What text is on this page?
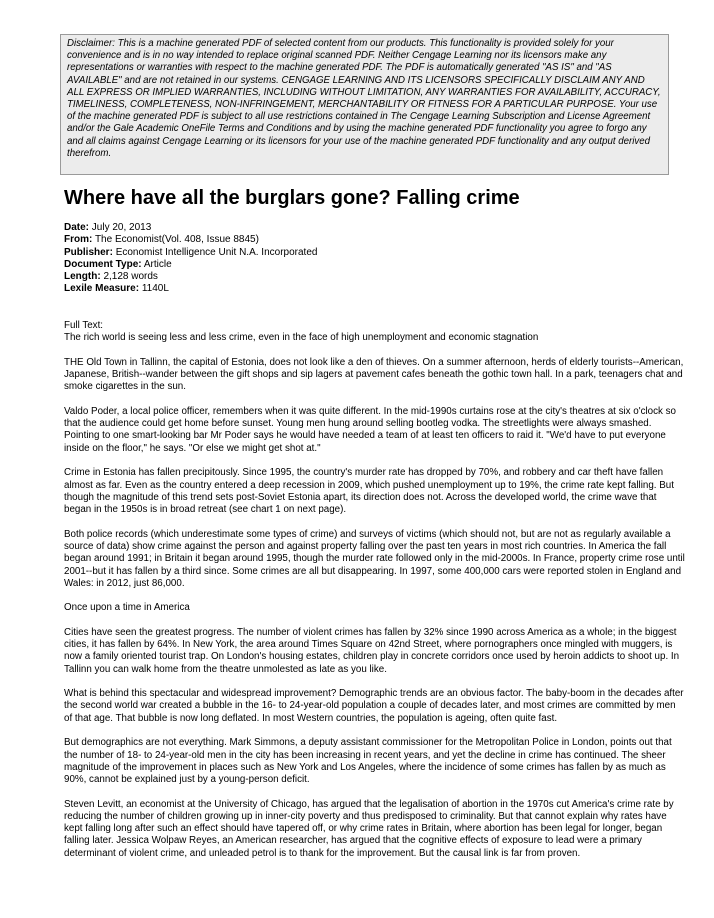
Disclaimer: This is a machine generated PDF of selected content from our products. This functionality is provided solely for your convenience and is in no way intended to replace original scanned PDF. Neither Cengage Learning nor its licensors make any representations or warranties with respect to the machine generated PDF. The PDF is automatically generated "AS IS" and "AS AVAILABLE" and are not retained in our systems. CENGAGE LEARNING AND ITS LICENSORS SPECIFICALLY DISCLAIM ANY AND ALL EXPRESS OR IMPLIED WARRANTIES, INCLUDING WITHOUT LIMITATION, ANY WARRANTIES FOR AVAILABILITY, ACCURACY, TIMELINESS, COMPLETENESS, NON-INFRINGEMENT, MERCHANTABILITY OR FITNESS FOR A PARTICULAR PURPOSE. Your use of the machine generated PDF is subject to all use restrictions contained in The Cengage Learning Subscription and License Agreement and/or the Gale Academic OneFile Terms and Conditions and by using the machine generated PDF functionality you agree to forgo any and all claims against Cengage Learning or its licensors for your use of the machine generated PDF functionality and any output derived therefrom.
Where have all the burglars gone? Falling crime
Date: July 20, 2013
From: The Economist(Vol. 408, Issue 8845)
Publisher: Economist Intelligence Unit N.A. Incorporated
Document Type: Article
Length: 2,128 words
Lexile Measure: 1140L
Full Text:
The rich world is seeing less and less crime, even in the face of high unemployment and economic stagnation
THE Old Town in Tallinn, the capital of Estonia, does not look like a den of thieves. On a summer afternoon, herds of elderly tourists--American, Japanese, British--wander between the gift shops and sip lagers at pavement cafes beneath the gothic town hall. In a park, teenagers chat and smoke cigarettes in the sun.
Valdo Poder, a local police officer, remembers when it was quite different. In the mid-1990s curtains rose at the city's theatres at six o'clock so that the audience could get home before sunset. Young men hung around selling bootleg vodka. The streetlights were always smashed. Pointing to one smart-looking bar Mr Poder says he would have needed a team of at least ten officers to raid it. "We'd have to put everyone inside on the floor," he says. "Or else we might get shot at."
Crime in Estonia has fallen precipitously. Since 1995, the country's murder rate has dropped by 70%, and robbery and car theft have fallen almost as far. Even as the country entered a deep recession in 2009, which pushed unemployment up to 19%, the crime rate kept falling. But though the magnitude of this trend sets post-Soviet Estonia apart, its direction does not. Across the developed world, the crime wave that began in the 1950s is in broad retreat (see chart 1 on next page).
Both police records (which underestimate some types of crime) and surveys of victims (which should not, but are not as regularly available a source of data) show crime against the person and against property falling over the past ten years in most rich countries. In America the fall began around 1991; in Britain it began around 1995, though the murder rate followed only in the mid-2000s. In France, property crime rose until 2001--but it has fallen by a third since. Some crimes are all but disappearing. In 1997, some 400,000 cars were reported stolen in England and Wales: in 2012, just 86,000.
Once upon a time in America
Cities have seen the greatest progress. The number of violent crimes has fallen by 32% since 1990 across America as a whole; in the biggest cities, it has fallen by 64%. In New York, the area around Times Square on 42nd Street, where pornographers once mingled with muggers, is now a family oriented tourist trap. On London's housing estates, children play in concrete corridors once used by heroin addicts to shoot up. In Tallinn you can walk home from the theatre unmolested as late as you like.
What is behind this spectacular and widespread improvement? Demographic trends are an obvious factor. The baby-boom in the decades after the second world war created a bubble in the 16- to 24-year-old population a couple of decades later, and most crimes are committed by men of that age. That bubble is now long deflated. In most Western countries, the population is ageing, often quite fast.
But demographics are not everything. Mark Simmons, a deputy assistant commissioner for the Metropolitan Police in London, points out that the number of 18- to 24-year-old men in the city has been increasing in recent years, and yet the decline in crime has continued. The sheer magnitude of the improvement in places such as New York and Los Angeles, where the incidence of some crimes has fallen by as much as 90%, cannot be explained just by a young-person deficit.
Steven Levitt, an economist at the University of Chicago, has argued that the legalisation of abortion in the 1970s cut America's crime rate by reducing the number of children growing up in inner-city poverty and thus predisposed to criminality. But that cannot explain why rates have kept falling long after such an effect should have tapered off, or why crime rates in Britain, where abortion has been legal for longer, began falling later. Jessica Wolpaw Reyes, an American researcher, has argued that the cognitive effects of exposure to lead were a primary determinant of violent crime, and unleaded petrol is to thank for the improvement. But the causal link is far from proven.
